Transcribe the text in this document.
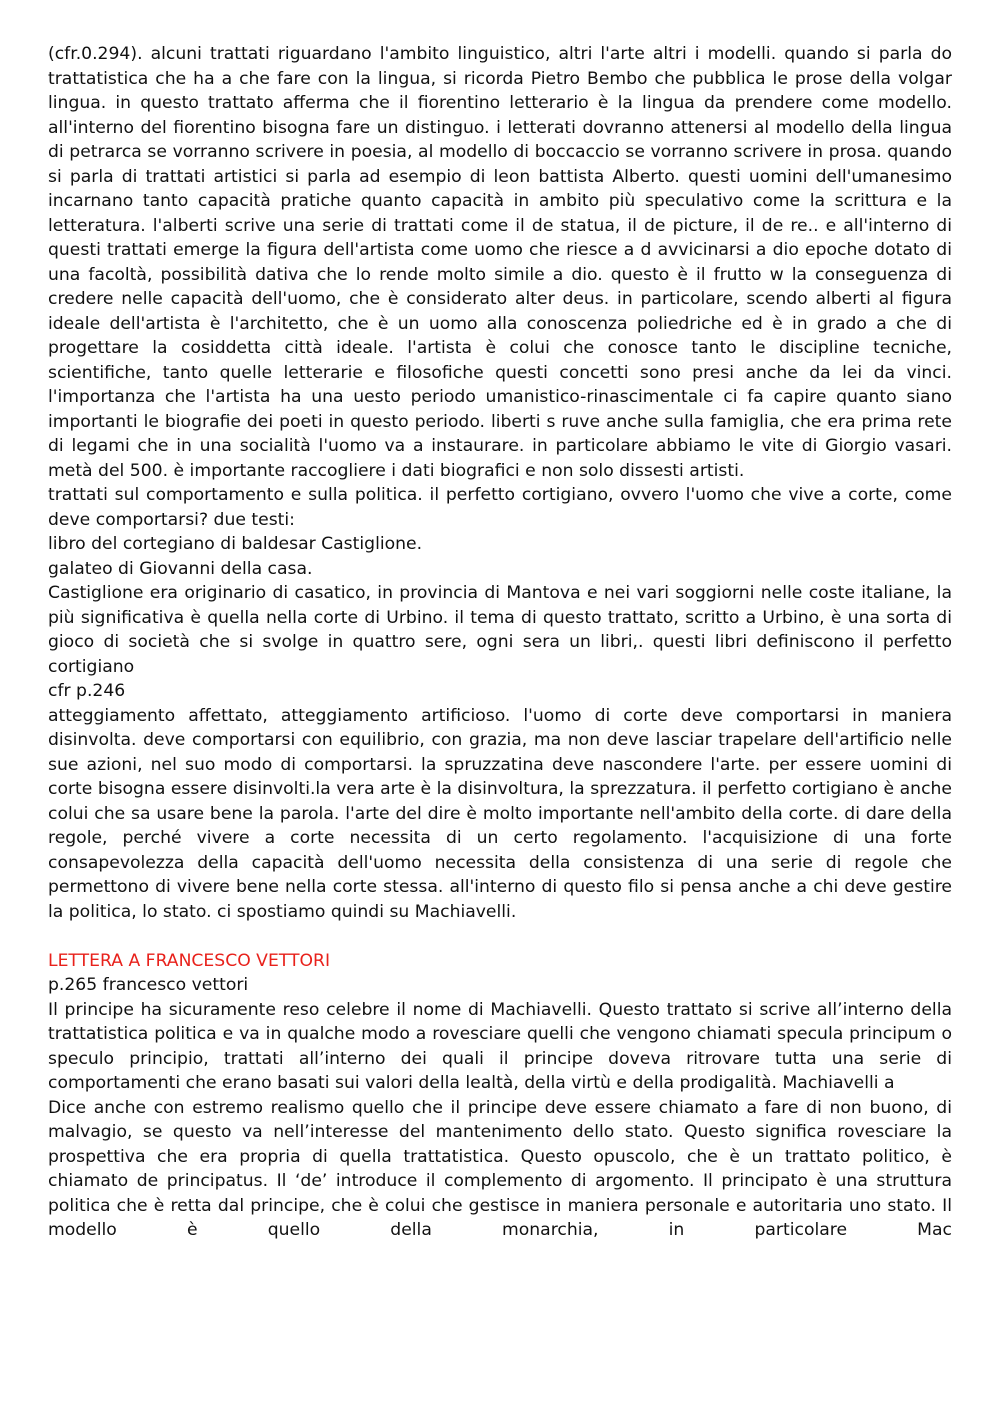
(cfr.0.294). alcuni trattati riguardano l'ambito linguistico, altri l'arte altri i modelli. quando si parla do trattatistica che ha a che fare con la lingua, si ricorda Pietro Bembo che pubblica le prose della volgar lingua. in questo trattato afferma che il fiorentino letterario è la lingua da prendere come modello. all'interno del fiorentino bisogna fare un distinguo. i letterati dovranno attenersi al modello della lingua di petrarca se vorranno scrivere in poesia, al modello di boccaccio se vorranno scrivere in prosa. quando si parla di trattati artistici si parla ad esempio di leon battista Alberto. questi uomini dell'umanesimo incarnano tanto capacità pratiche quanto capacità in ambito più speculativo come la scrittura e la letteratura. l'alberti scrive una serie di trattati come il de statua, il de picture, il de re.. e all'interno di questi trattati emerge la figura dell'artista come uomo che riesce a d avvicinarsi a dio epoche dotato di una facoltà, possibilità dativa che lo rende molto simile a dio. questo è il frutto w la conseguenza di credere nelle capacità dell'uomo, che è considerato alter deus. in particolare, scendo alberti al figura ideale dell'artista è l'architetto, che è un uomo alla conoscenza poliedriche ed è in grado a che di progettare la cosiddetta città ideale. l'artista è colui che conosce tanto le discipline tecniche, scientifiche, tanto quelle letterarie e filosofiche questi concetti sono presi anche da lei da vinci. l'importanza che l'artista ha una uesto periodo umanistico-rinascimentale ci fa capire quanto siano importanti le biografie dei poeti in questo periodo. liberti s ruve anche sulla famiglia, che era prima rete di legami che in una socialità l'uomo va a instaurare. in particolare abbiamo le vite di Giorgio vasari. metà del 500. è importante raccogliere i dati biografici e non solo dissesti artisti.

trattati sul comportamento e sulla politica. il perfetto cortigiano, ovvero l'uomo che vive a corte, come deve comportarsi? due testi:

libro del cortegiano di baldesar Castiglione.

galateo di Giovanni della casa.

Castiglione era originario di casatico, in provincia di Mantova e nei vari soggiorni nelle coste italiane, la più significativa è quella nella corte di Urbino. il tema di questo trattato, scritto a Urbino, è una sorta di gioco di società che si svolge in quattro sere, ogni sera un libri,. questi libri definiscono il perfetto cortigiano

cfr p.246

atteggiamento affettato, atteggiamento artificioso. l'uomo di corte deve comportarsi in maniera disinvolta. deve comportarsi con equilibrio, con grazia, ma non deve lasciar trapelare dell'artificio nelle sue azioni, nel suo modo di comportarsi. la spruzzatina deve nascondere l'arte. per essere uomini di corte bisogna essere disinvolti.la vera arte è la disinvoltura, la sprezzatura. il perfetto cortigiano è anche colui che sa usare bene la parola. l'arte del dire è molto importante nell'ambito della corte. di dare della regole, perché vivere a corte necessita di un certo regolamento. l'acquisizione di una forte consapevolezza della capacità dell'uomo necessita della consistenza di una serie di regole che permettono di vivere bene nella corte stessa. all'interno di questo filo si pensa anche a chi deve gestire la politica, lo stato. ci spostiamo quindi su Machiavelli.

LETTERA A FRANCESCO VETTORI

p.265 francesco vettori

Il principe ha sicuramente reso celebre il nome di Machiavelli. Questo trattato si scrive all’interno della trattatistica politica e va in qualche modo a rovesciare quelli che vengono chiamati specula principum o speculo principio, trattati all’interno dei quali il principe doveva ritrovare tutta una serie di comportamenti che erano basati sui valori della lealtà, della virtù e della prodigalità. Machiavelli a

Dice anche con estremo realismo quello che il principe deve essere chiamato a fare di non buono, di malvagio, se questo va nell’interesse del mantenimento dello stato. Questo significa rovesciare la prospettiva che era propria di quella trattatistica. Questo opuscolo, che è un trattato politico, è chiamato de principatus. Il ‘de’ introduce il complemento di argomento. Il principato è una struttura politica che è retta dal principe, che è colui che gestisce in maniera personale e autoritaria uno stato. Il modello è quello della monarchia, in particolare Mac
